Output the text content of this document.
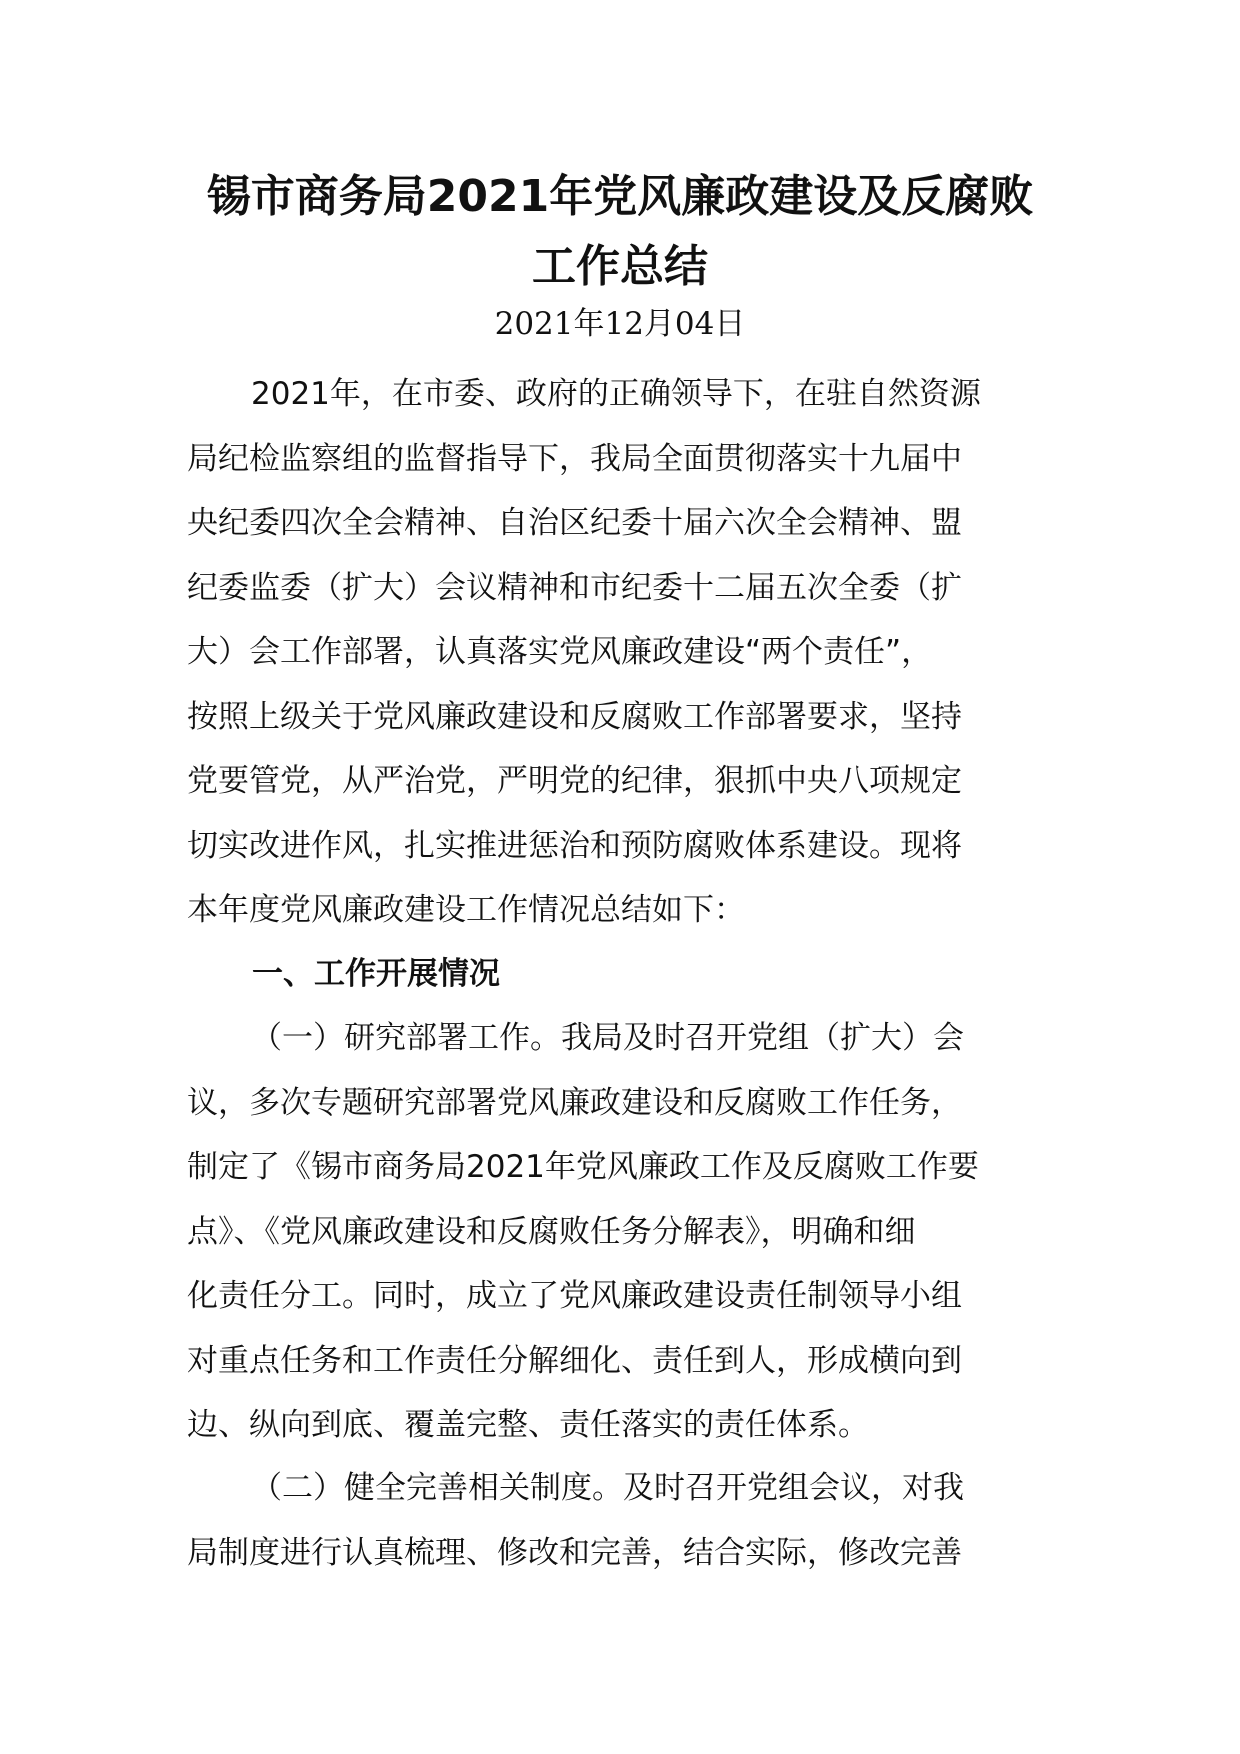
锡市商务局2021年党风廉政建设及反腐败
工作总结
2021年12月04日

2021年，在市委、政府的正确领导下，在驻自然资源
局纪检监察组的监督指导下，我局全面贯彻落实十九届中
央纪委四次全会精神、自治区纪委十届六次全会精神、盟
纪委监委（扩大）会议精神和市纪委十二届五次全委（扩
大）会工作部署，认真落实党风廉政建设“两个责任”，
按照上级关于党风廉政建设和反腐败工作部署要求，坚持
党要管党，从严治党，严明党的纪律，狠抓中央八项规定
切实改进作风，扎实推进惩治和预防腐败体系建设。现将
本年度党风廉政建设工作情况总结如下：

一、工作开展情况

（一）研究部署工作。我局及时召开党组（扩大）会
议，多次专题研究部署党风廉政建设和反腐败工作任务，
制定了《锡市商务局2021年党风廉政工作及反腐败工作要
点》、《党风廉政建设和反腐败任务分解表》，明确和细
化责任分工。同时，成立了党风廉政建设责任制领导小组
对重点任务和工作责任分解细化、责任到人，形成横向到
边、纵向到底、覆盖完整、责任落实的责任体系。

（二）健全完善相关制度。及时召开党组会议，对我
局制度进行认真梳理、修改和完善，结合实际，修改完善
